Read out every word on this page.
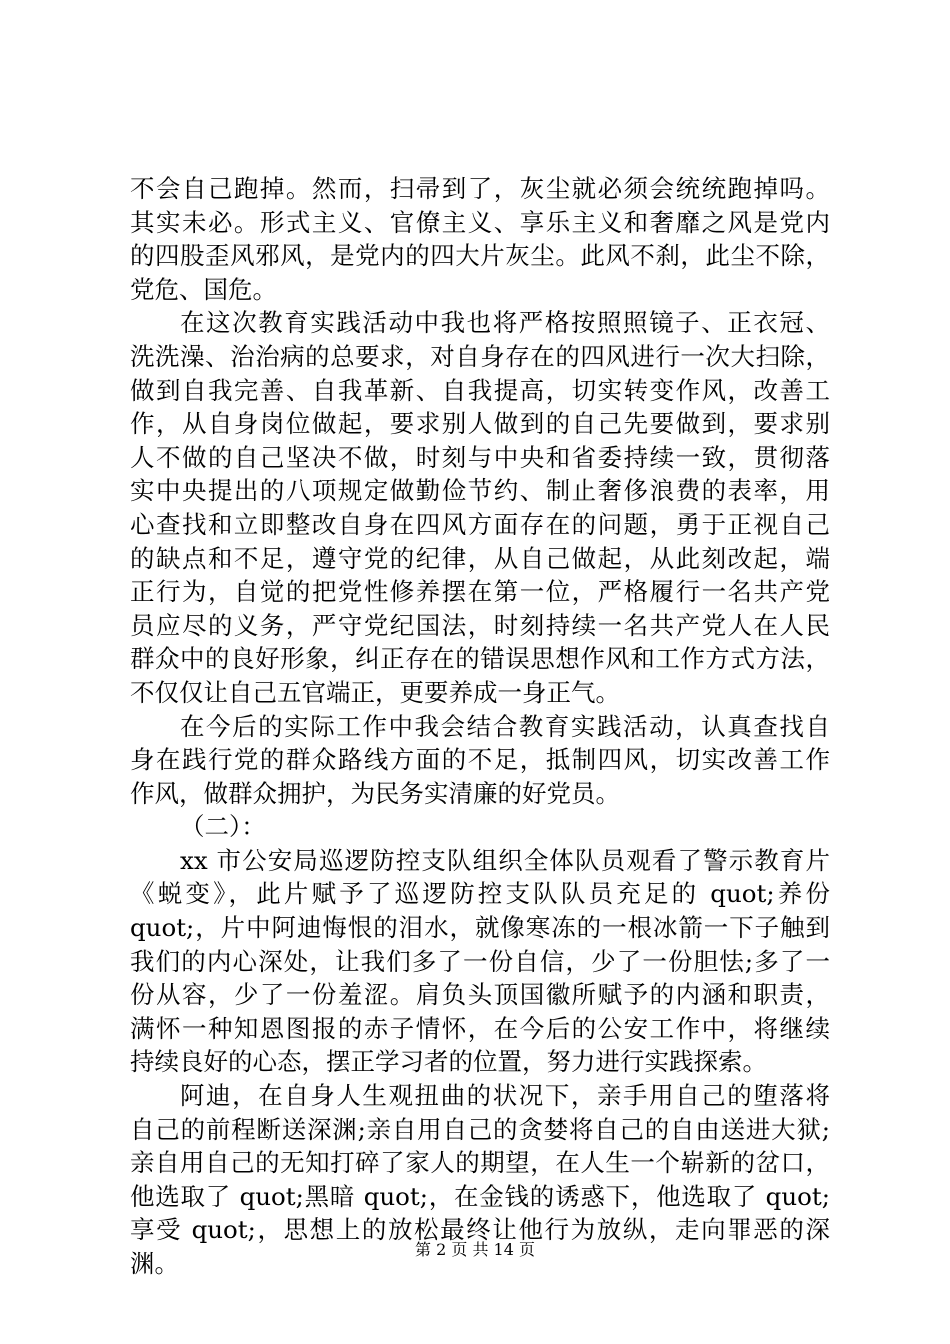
不会自己跑掉。然而，扫帚到了，灰尘就必须会统统跑掉吗。
其实未必。形式主义、官僚主义、享乐主义和奢靡之风是党内
的四股歪风邪风，是党内的四大片灰尘。此风不刹，此尘不除，
党危、国危。
在这次教育实践活动中我也将严格按照照镜子、正衣冠、
洗洗澡、治治病的总要求，对自身存在的四风进行一次大扫除，
做到自我完善、自我革新、自我提高，切实转变作风，改善工
作，从自身岗位做起，要求别人做到的自己先要做到，要求别
人不做的自己坚决不做，时刻与中央和省委持续一致，贯彻落
实中央提出的八项规定做勤俭节约、制止奢侈浪费的表率，用
心查找和立即整改自身在四风方面存在的问题，勇于正视自己
的缺点和不足，遵守党的纪律，从自己做起，从此刻改起，端
正行为，自觉的把党性修养摆在第一位，严格履行一名共产党
员应尽的义务，严守党纪国法，时刻持续一名共产党人在人民
群众中的良好形象，纠正存在的错误思想作风和工作方式方法，
不仅仅让自己五官端正，更要养成一身正气。
在今后的实际工作中我会结合教育实践活动，认真查找自
身在践行党的群众路线方面的不足，抵制四风，切实改善工作
作风，做群众拥护，为民务实清廉的好党员。
（二）：
xx 市公安局巡逻防控支队组织全体队员观看了警示教育片
《蜕变》，此片赋予了巡逻防控支队队员充足的 quot;养份
quot;，片中阿迪悔恨的泪水，就像寒冻的一根冰箭一下子触到
我们的内心深处，让我们多了一份自信，少了一份胆怯;多了一
份从容，少了一份羞涩。肩负头顶国徽所赋予的内涵和职责，
满怀一种知恩图报的赤子情怀，在今后的公安工作中，将继续
持续良好的心态，摆正学习者的位置，努力进行实践探索。
阿迪，在自身人生观扭曲的状况下，亲手用自己的堕落将
自己的前程断送深渊;亲自用自己的贪婪将自己的自由送进大狱;
亲自用自己的无知打碎了家人的期望，在人生一个崭新的岔口，
他选取了 quot;黑暗 quot;，在金钱的诱惑下，他选取了 quot;
享受 quot;，思想上的放松最终让他行为放纵，走向罪恶的深
渊。	第 2 页 共 14 页
